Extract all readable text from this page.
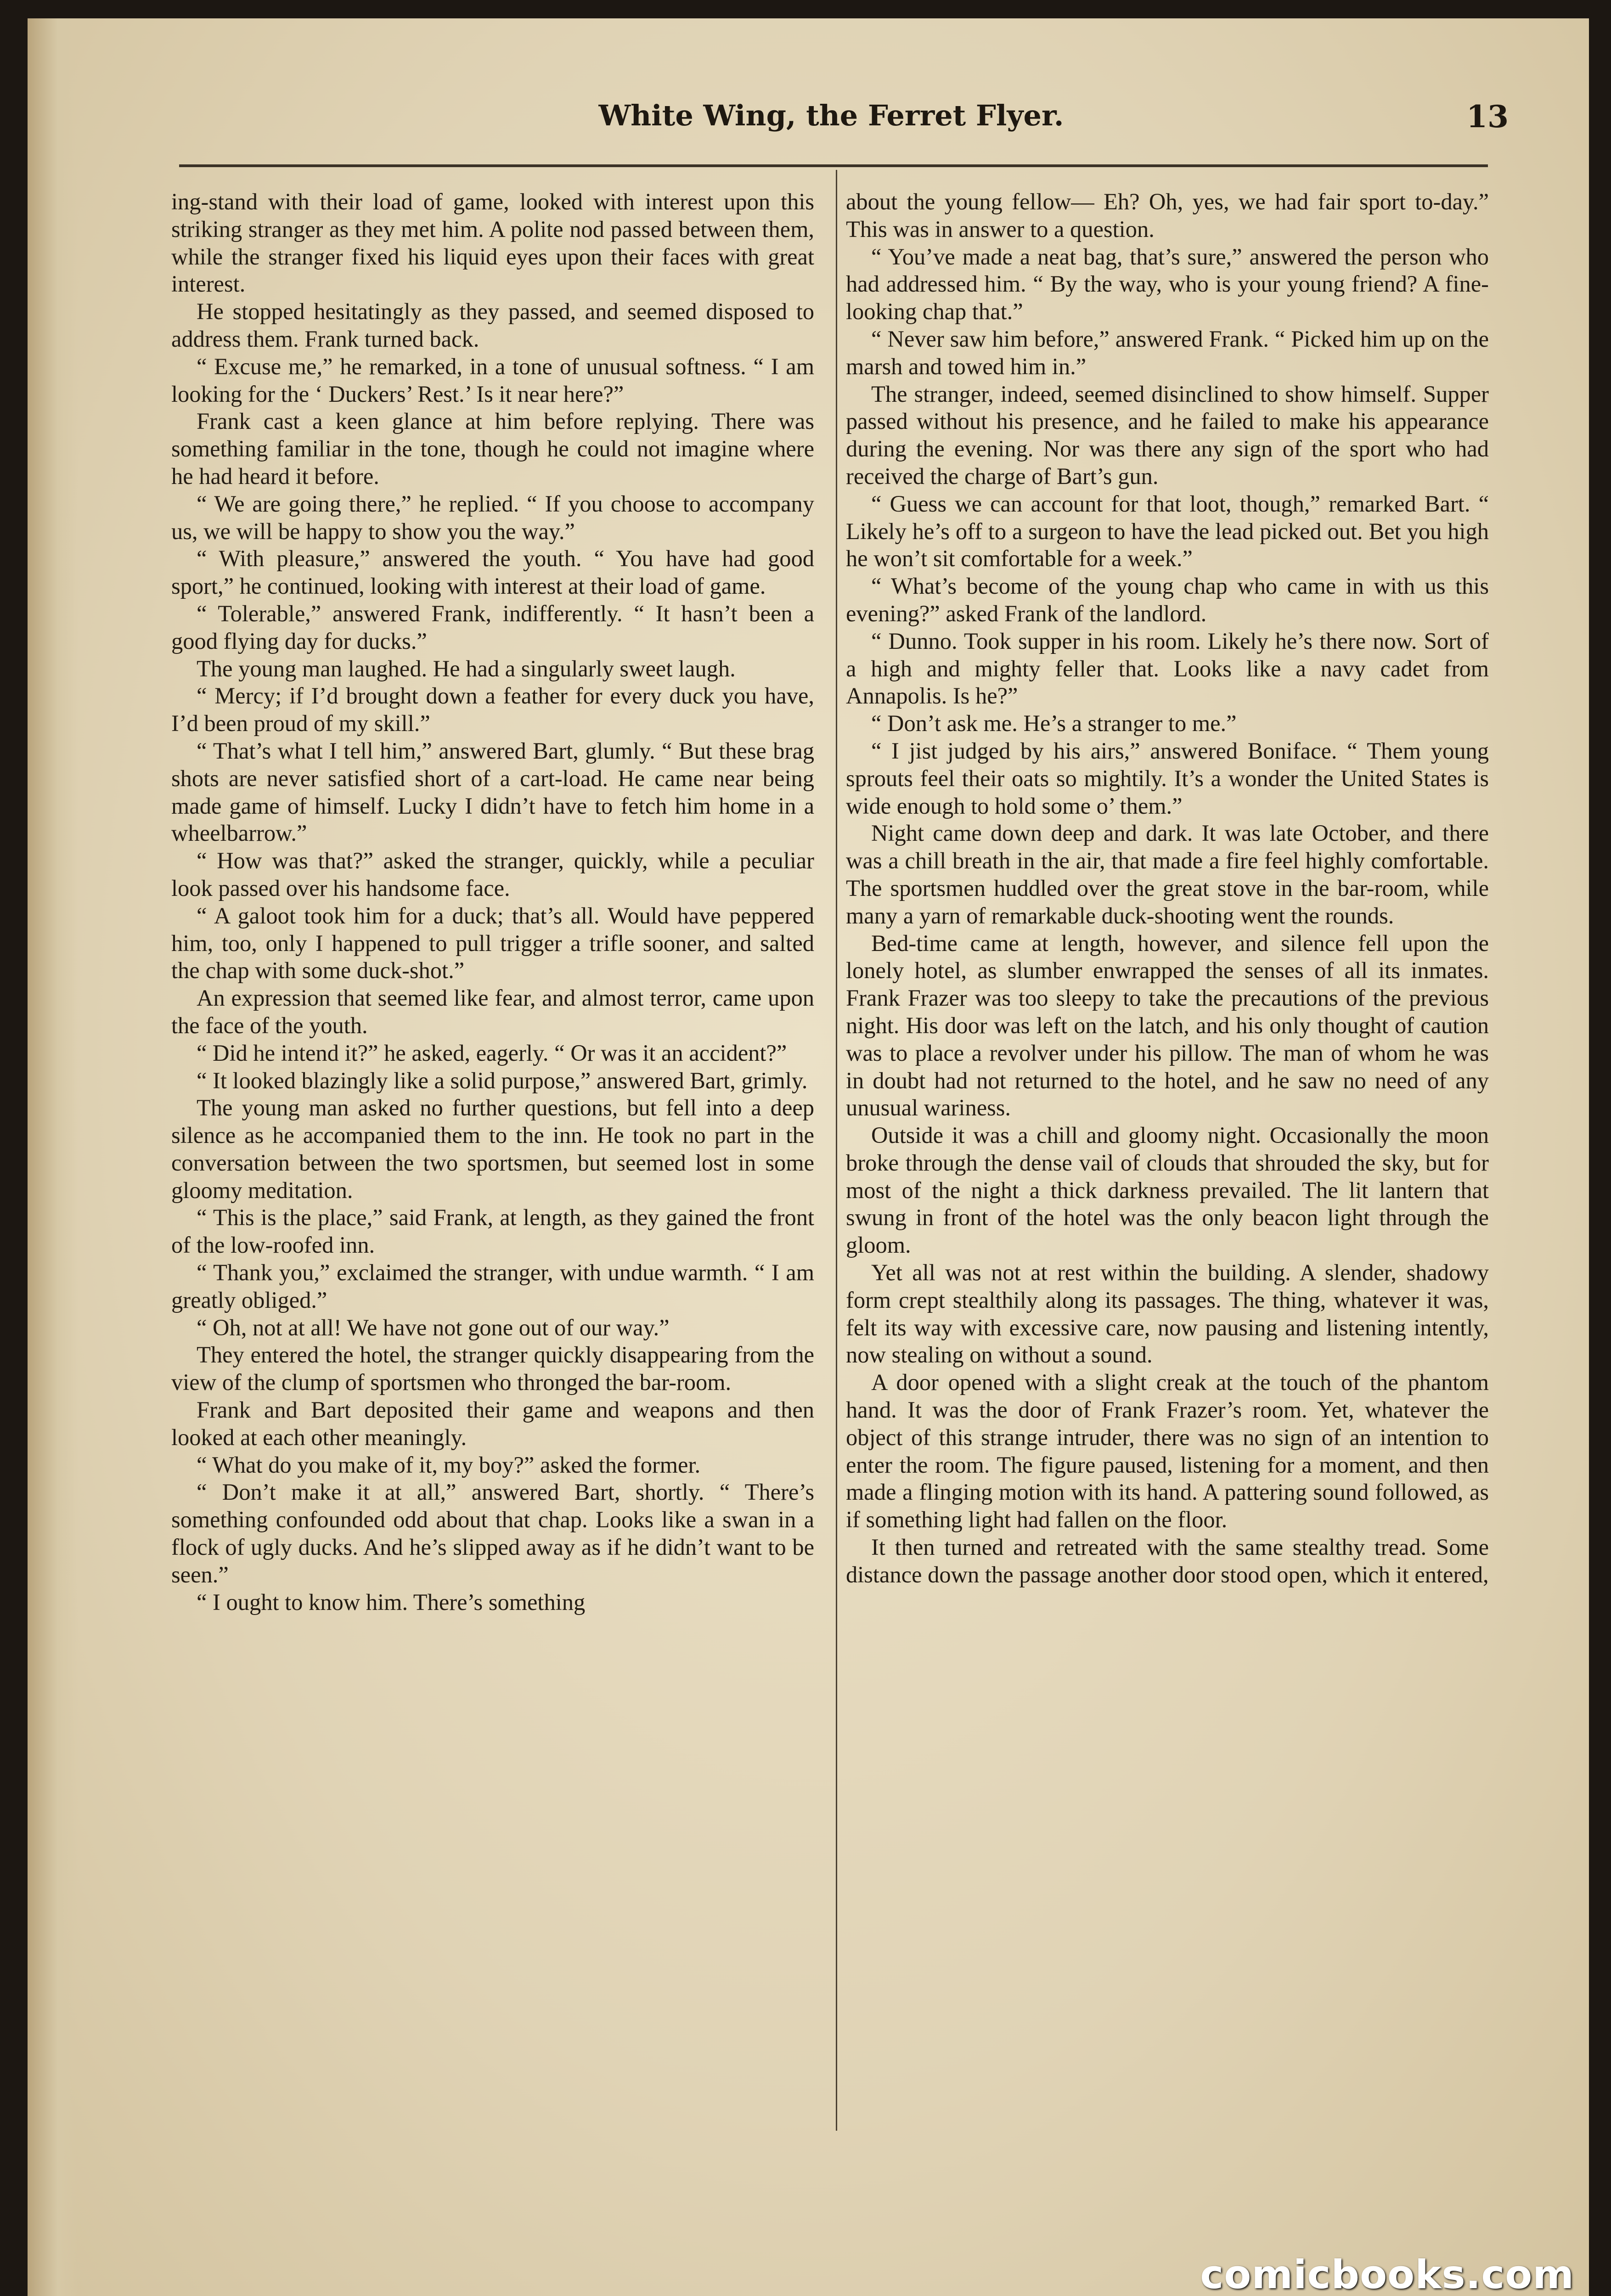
White Wing, the Ferret Flyer.	13

ing-stand with their load of game, looked with interest upon this striking stranger as they met him. A polite nod passed between them, while the stranger fixed his liquid eyes upon their faces with great interest.

He stopped hesitatingly as they passed, and seemed disposed to address them. Frank turned back.

“ Excuse me,” he remarked, in a tone of unusual softness. “ I am looking for the ‘ Duckers’ Rest.’ Is it near here?”

Frank cast a keen glance at him before replying. There was something familiar in the tone, though he could not imagine where he had heard it before.

“ We are going there,” he replied. “ If you choose to accompany us, we will be happy to show you the way.”

“ With pleasure,” answered the youth. “ You have had good sport,” he continued, looking with interest at their load of game.

“ Tolerable,” answered Frank, indifferently. “ It hasn’t been a good flying day for ducks.”

The young man laughed. He had a singularly sweet laugh.

“ Mercy; if I’d brought down a feather for every duck you have, I’d been proud of my skill.”

“ That’s what I tell him,” answered Bart, glumly. “ But these brag shots are never satisfied short of a cart-load. He came near being made game of himself. Lucky I didn’t have to fetch him home in a wheelbarrow.”

“ How was that?” asked the stranger, quickly, while a peculiar look passed over his handsome face.

“ A galoot took him for a duck; that’s all. Would have peppered him, too, only I happened to pull trigger a trifle sooner, and salted the chap with some duck-shot.”

An expression that seemed like fear, and almost terror, came upon the face of the youth.

“ Did he intend it?” he asked, eagerly. “ Or was it an accident?”

“ It looked blazingly like a solid purpose,” answered Bart, grimly.

The young man asked no further questions, but fell into a deep silence as he accompanied them to the inn. He took no part in the conversation between the two sportsmen, but seemed lost in some gloomy meditation.

“ This is the place,” said Frank, at length, as they gained the front of the low-roofed inn.

“ Thank you,” exclaimed the stranger, with undue warmth. “ I am greatly obliged.”

“ Oh, not at all! We have not gone out of our way.”

They entered the hotel, the stranger quickly disappearing from the view of the clump of sportsmen who thronged the bar-room.

Frank and Bart deposited their game and weapons and then looked at each other meaningly.

“ What do you make of it, my boy?” asked the former.

“ Don’t make it at all,” answered Bart, shortly. “ There’s something confounded odd about that chap. Looks like a swan in a flock of ugly ducks. And he’s slipped away as if he didn’t want to be seen.”

“ I ought to know him. There’s something

about the young fellow— Eh? Oh, yes, we had fair sport to-day.” This was in answer to a question.

“ You’ve made a neat bag, that’s sure,” answered the person who had addressed him. “ By the way, who is your young friend? A fine-looking chap that.”

“ Never saw him before,” answered Frank. “ Picked him up on the marsh and towed him in.”

The stranger, indeed, seemed disinclined to show himself. Supper passed without his presence, and he failed to make his appearance during the evening. Nor was there any sign of the sport who had received the charge of Bart’s gun.

“ Guess we can account for that loot, though,” remarked Bart. “ Likely he’s off to a surgeon to have the lead picked out. Bet you high he won’t sit comfortable for a week.”

“ What’s become of the young chap who came in with us this evening?” asked Frank of the landlord.

“ Dunno. Took supper in his room. Likely he’s there now. Sort of a high and mighty feller that. Looks like a navy cadet from Annapolis. Is he?”

“ Don’t ask me. He’s a stranger to me.”

“ I jist judged by his airs,” answered Boniface. “ Them young sprouts feel their oats so mightily. It’s a wonder the United States is wide enough to hold some o’ them.”

Night came down deep and dark. It was late October, and there was a chill breath in the air, that made a fire feel highly comfortable. The sportsmen huddled over the great stove in the bar-room, while many a yarn of remarkable duck-shooting went the rounds.

Bed-time came at length, however, and silence fell upon the lonely hotel, as slumber enwrapped the senses of all its inmates. Frank Frazer was too sleepy to take the precautions of the previous night. His door was left on the latch, and his only thought of caution was to place a revolver under his pillow. The man of whom he was in doubt had not returned to the hotel, and he saw no need of any unusual wariness.

Outside it was a chill and gloomy night. Occasionally the moon broke through the dense vail of clouds that shrouded the sky, but for most of the night a thick darkness prevailed. The lit lantern that swung in front of the hotel was the only beacon light through the gloom.

Yet all was not at rest within the building. A slender, shadowy form crept stealthily along its passages. The thing, whatever it was, felt its way with excessive care, now pausing and listening intently, now stealing on without a sound.

A door opened with a slight creak at the touch of the phantom hand. It was the door of Frank Frazer’s room. Yet, whatever the object of this strange intruder, there was no sign of an intention to enter the room. The figure paused, listening for a moment, and then made a flinging motion with its hand. A pattering sound followed, as if something light had fallen on the floor.

It then turned and retreated with the same stealthy tread. Some distance down the passage another door stood open, which it entered,

comicbooks.com
